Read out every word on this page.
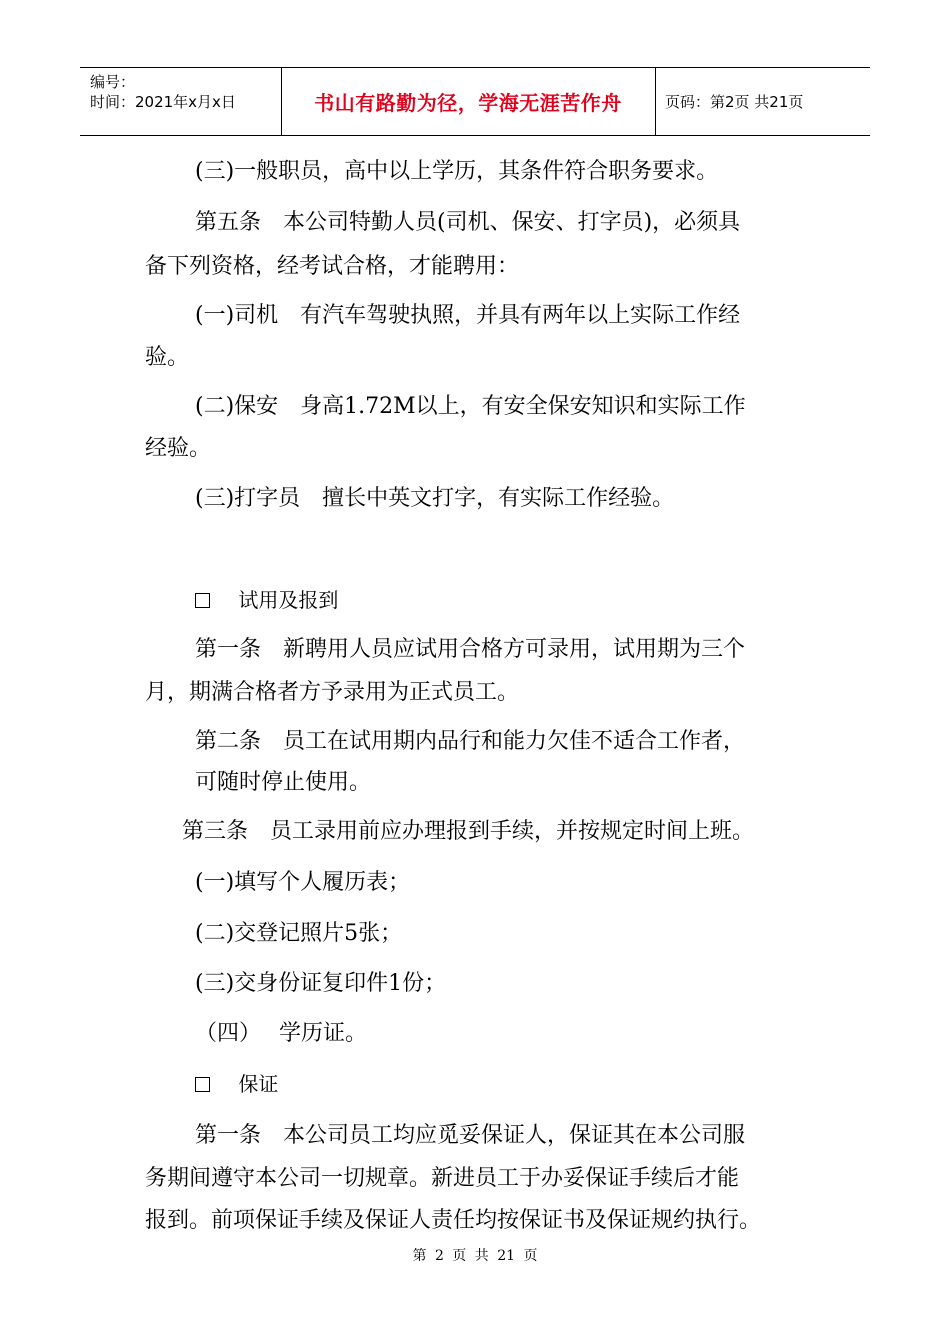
编号：
时间：2021年x月x日	书山有路勤为径，学海无涯苦作舟	页码：第2页 共21页
(三)一般职员，高中以上学历，其条件符合职务要求。
第五条　本公司特勤人员(司机、保安、打字员)，必须具
备下列资格，经考试合格，才能聘用：
(一)司机　有汽车驾驶执照，并具有两年以上实际工作经
验。
(二)保安　身高1.72M以上，有安全保安知识和实际工作
经验。
(三)打字员　擅长中英文打字，有实际工作经验。
试用及报到
第一条　新聘用人员应试用合格方可录用，试用期为三个
月，期满合格者方予录用为正式员工。
第二条　员工在试用期内品行和能力欠佳不适合工作者，
可随时停止使用。
第三条　员工录用前应办理报到手续，并按规定时间上班。
(一)填写个人履历表；
(二)交登记照片5张；
(三)交身份证复印件1份；
（四）　 学历证。
保证
第一条　本公司员工均应觅妥保证人，保证其在本公司服
务期间遵守本公司一切规章。新进员工于办妥保证手续后才能
报到。前项保证手续及保证人责任均按保证书及保证规约执行。
第 2 页 共 21 页
